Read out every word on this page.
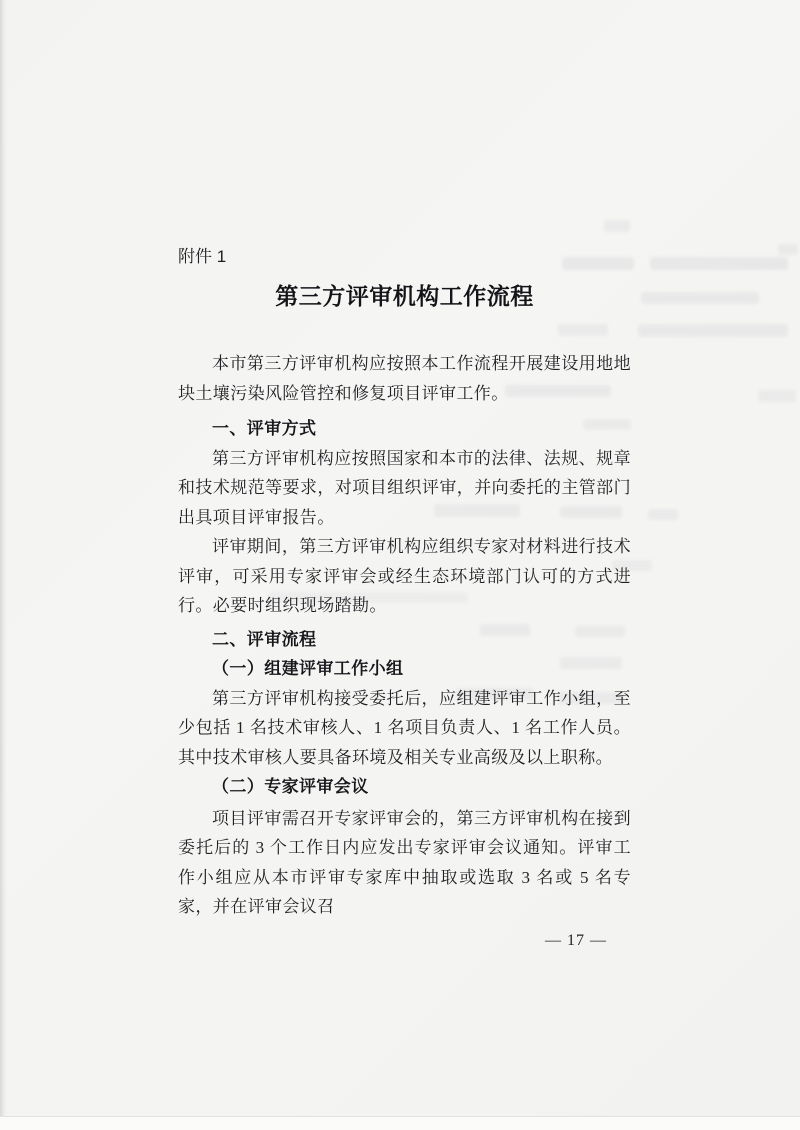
附件 1
第三方评审机构工作流程

本市第三方评审机构应按照本工作流程开展建设用地地块土壤污染风险管控和修复项目评审工作。

一、评审方式

第三方评审机构应按照国家和本市的法律、法规、规章和技术规范等要求，对项目组织评审，并向委托的主管部门出具项目评审报告。

评审期间，第三方评审机构应组织专家对材料进行技术评审，可采用专家评审会或经生态环境部门认可的方式进行。必要时组织现场踏勘。

二、评审流程

（一）组建评审工作小组

第三方评审机构接受委托后，应组建评审工作小组，至少包括 1 名技术审核人、1 名项目负责人、1 名工作人员。其中技术审核人要具备环境及相关专业高级及以上职称。

（二）专家评审会议

项目评审需召开专家评审会的，第三方评审机构在接到委托后的 3 个工作日内应发出专家评审会议通知。评审工作小组应从本市评审专家库中抽取或选取 3 名或 5 名专家，并在评审会议召

— 17 —
